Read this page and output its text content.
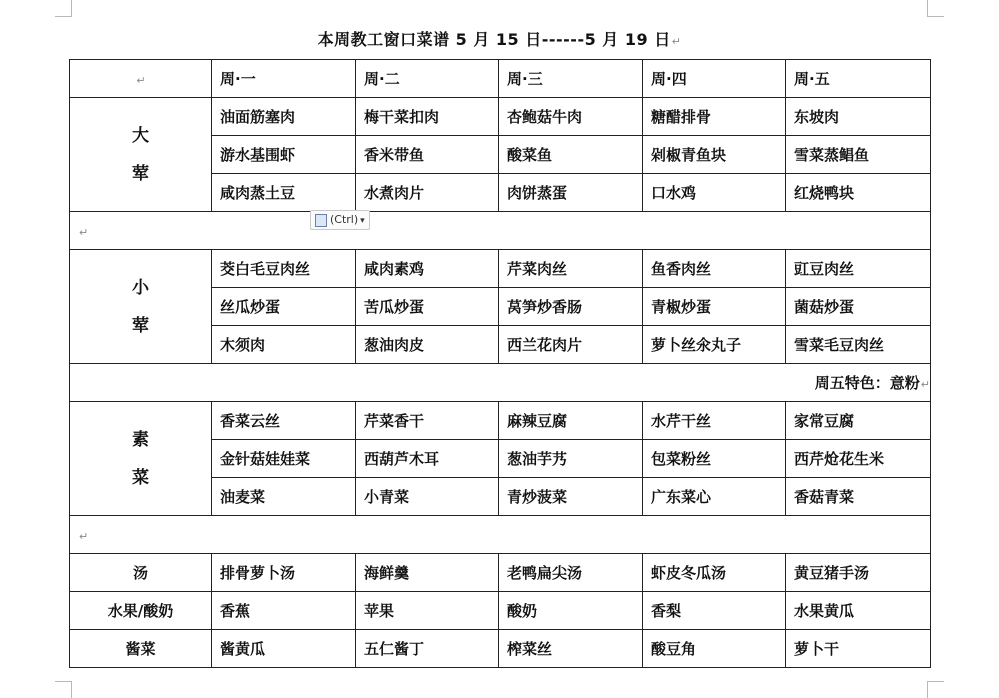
本周教工窗口菜谱 5 月 15 日------5 月 19 日↵
↵	周·一	周·二	周·三	周·四	周·五

大
荤	油面筋塞肉	梅干菜扣肉	杏鲍菇牛肉	糖醋排骨	东坡肉
	游水基围虾	香米带鱼	酸菜鱼	剁椒青鱼块	雪菜蒸鲳鱼
	咸肉蒸土豆	水煮肉片	肉饼蒸蛋	口水鸡	红烧鸭块
↵					

小
荤	茭白毛豆肉丝	咸肉素鸡	芹菜肉丝	鱼香肉丝	豇豆肉丝
	丝瓜炒蛋	苦瓜炒蛋	莴笋炒香肠	青椒炒蛋	菌菇炒蛋
	木须肉	葱油肉皮	西兰花肉片	萝卜丝氽丸子	雪菜毛豆肉丝
周五特色：意粉↵					

素
菜	香菜云丝	芹菜香干	麻辣豆腐	水芹干丝	家常豆腐
	金针菇娃娃菜	西葫芦木耳	葱油芋艿	包菜粉丝	西芹炝花生米
	油麦菜	小青菜	青炒菠菜	广东菜心	香菇青菜
↵					
汤	排骨萝卜汤	海鲜羹	老鸭扁尖汤	虾皮冬瓜汤	黄豆猪手汤
水果/酸奶	香蕉	苹果	酸奶	香梨	水果黄瓜
酱菜	酱黄瓜	五仁酱丁	榨菜丝	酸豆角	萝卜干
(Ctrl) ▾
